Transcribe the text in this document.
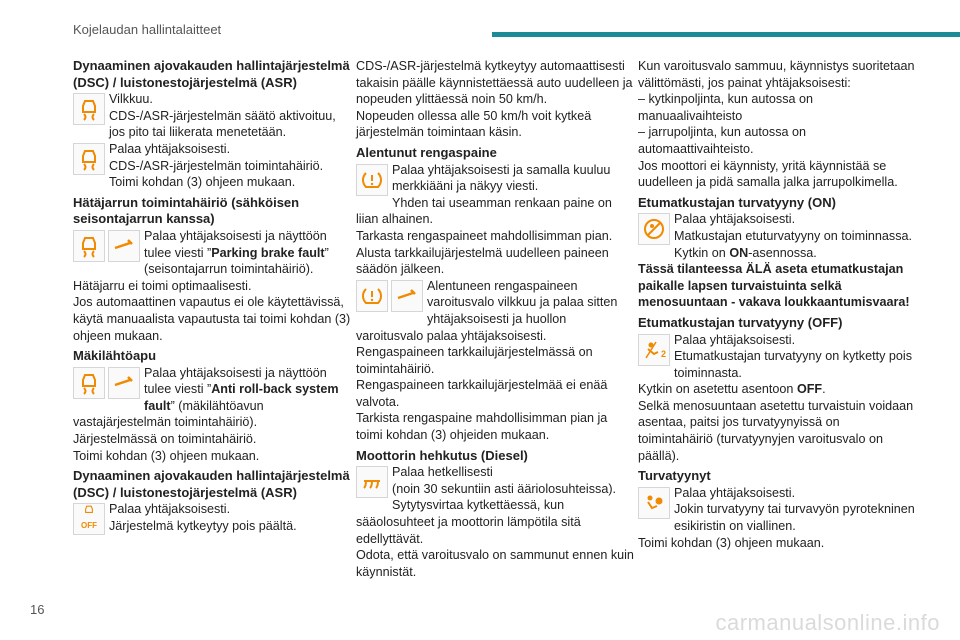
Kojelaudan hallintalaitteet
Dynaaminen ajovakauden hallintajärjestelmä (DSC) / luistonestojärjestelmä (ASR)

Vilkkuu.

CDS-/ASR-järjestelmän säätö aktivoituu, jos pito tai liikerata menetetään.

Palaa yhtäjaksoisesti.

CDS-/ASR-järjestelmän toimintahäiriö.

Toimi kohdan (3) ohjeen mukaan.

Hätäjarrun toimintahäiriö (sähköisen seisontajarrun kanssa)

Palaa yhtäjaksoisesti ja näyttöön tulee viesti ”Parking brake fault” (seisontajarrun toimintahäiriö).

Hätäjarru ei toimi optimaalisesti.

Jos automaattinen vapautus ei ole käytettävissä, käytä manuaalista vapautusta tai toimi kohdan (3) ohjeen mukaan.

Mäkilähtöapu

Palaa yhtäjaksoisesti ja näyttöön tulee viesti ”Anti roll-back system fault” (mäkilähtöavun vastajärjestelmän toimintahäiriö).

Järjestelmässä on toimintahäiriö.

Toimi kohdan (3) ohjeen mukaan.

Dynaaminen ajovakauden hallintajärjestelmä (DSC) / luistonestojärjestelmä (ASR)
OFF

Palaa yhtäjaksoisesti.

Järjestelmä kytkeytyy pois päältä.

CDS-/ASR-järjestelmä kytkeytyy automaattisesti takaisin päälle käynnistettäessä auto uudelleen ja nopeuden ylittäessä noin 50 km/h.

Nopeuden ollessa alle 50 km/h voit kytkeä järjestelmän toimintaan käsin.

Alentunut rengaspaine

Palaa yhtäjaksoisesti ja samalla kuuluu merkkiääni ja näkyy viesti.

Yhden tai useamman renkaan paine on liian alhainen.

Tarkasta rengaspaineet mahdollisimman pian.

Alusta tarkkailujärjestelmä uudelleen paineen säädön jälkeen.

Alentuneen rengaspaineen varoitusvalo vilkkuu ja palaa sitten yhtäjaksoisesti ja huollon varoitusvalo palaa yhtäjaksoisesti.

Rengaspaineen tarkkailujärjestelmässä on toimintahäiriö.

Rengaspaineen tarkkailujärjestelmää ei enää valvota.

Tarkista rengaspaine mahdollisimman pian ja toimi kohdan (3) ohjeiden mukaan.

Moottorin hehkutus (Diesel)

Palaa hetkellisesti

(noin 30 sekuntiin asti ääriolosuhteissa).

Sytytysvirtaa kytkettäessä, kun sääolosuhteet ja moottorin lämpötila sitä edellyttävät.

Odota, että varoitusvalo on sammunut ennen kuin käynnistät.

Kun varoitusvalo sammuu, käynnistys suoritetaan välittömästi, jos painat yhtäjaksoisesti:

– kytkinpoljinta, kun autossa on manuaalivaihteisto

– jarrupoljinta, kun autossa on automaattivaihteisto.

Jos moottori ei käynnisty, yritä käynnistää se uudelleen ja pidä samalla jalka jarrupolkimella.

Etumatkustajan turvatyyny (ON)

Palaa yhtäjaksoisesti.

Matkustajan etuturvatyyny on toiminnassa.

Kytkin on ON-asennossa.

Tässä tilanteessa ÄLÄ aseta etumatkustajan paikalle lapsen turvaistuinta selkä menosuuntaan - vakava loukkaantumisvaara!

Etumatkustajan turvatyyny (OFF)
2

Palaa yhtäjaksoisesti.

Etumatkustajan turvatyyny on kytketty pois toiminnasta.

Kytkin on asetettu asentoon OFF.

Selkä menosuuntaan asetettu turvaistuin voidaan asentaa, paitsi jos turvatyynyissä on toimintahäiriö (turvatyynyjen varoitusvalo on päällä).

Turvatyynyt

Palaa yhtäjaksoisesti.

Jokin turvatyyny tai turvavyön pyrotekninen esikiristin on viallinen.

Toimi kohdan (3) ohjeen mukaan.

16
carmanualsonline.info
